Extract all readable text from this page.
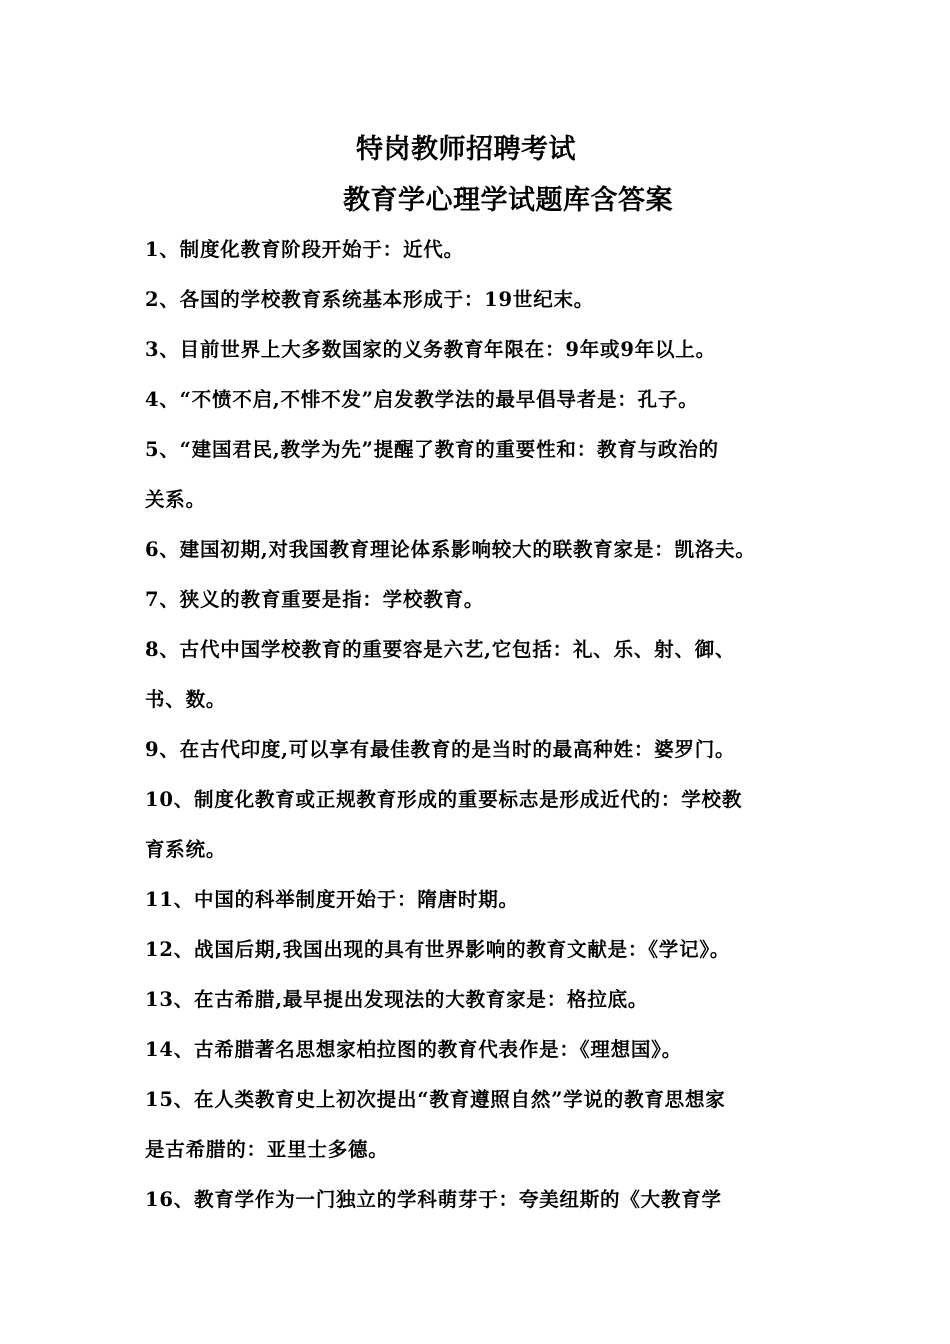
特岗教师招聘考试
教育学心理学试题库含答案
1、制度化教育阶段开始于：近代。
2、各国的学校教育系统基本形成于：19世纪末。
3、目前世界上大多数国家的义务教育年限在：9年或9年以上。
4、“不愤不启,不悱不发”启发教学法的最早倡导者是：孔子。
5、“建国君民,教学为先”提醒了教育的重要性和：教育与政治的
关系。
6、建国初期,对我国教育理论体系影响较大的联教育家是：凯洛夫。
7、狭义的教育重要是指：学校教育。
8、古代中国学校教育的重要容是六艺,它包括：礼、乐、射、御、
书、数。
9、在古代印度,可以享有最佳教育的是当时的最高种姓：婆罗门。
10、制度化教育或正规教育形成的重要标志是形成近代的：学校教
育系统。
11、中国的科举制度开始于：隋唐时期。
12、战国后期,我国出现的具有世界影响的教育文献是：《学记》。
13、在古希腊,最早提出发现法的大教育家是：格拉底。
14、古希腊著名思想家柏拉图的教育代表作是：《理想国》。
15、在人类教育史上初次提出“教育遵照自然”学说的教育思想家
是古希腊的：亚里士多德。
16、教育学作为一门独立的学科萌芽于：夸美纽斯的《大教育学
